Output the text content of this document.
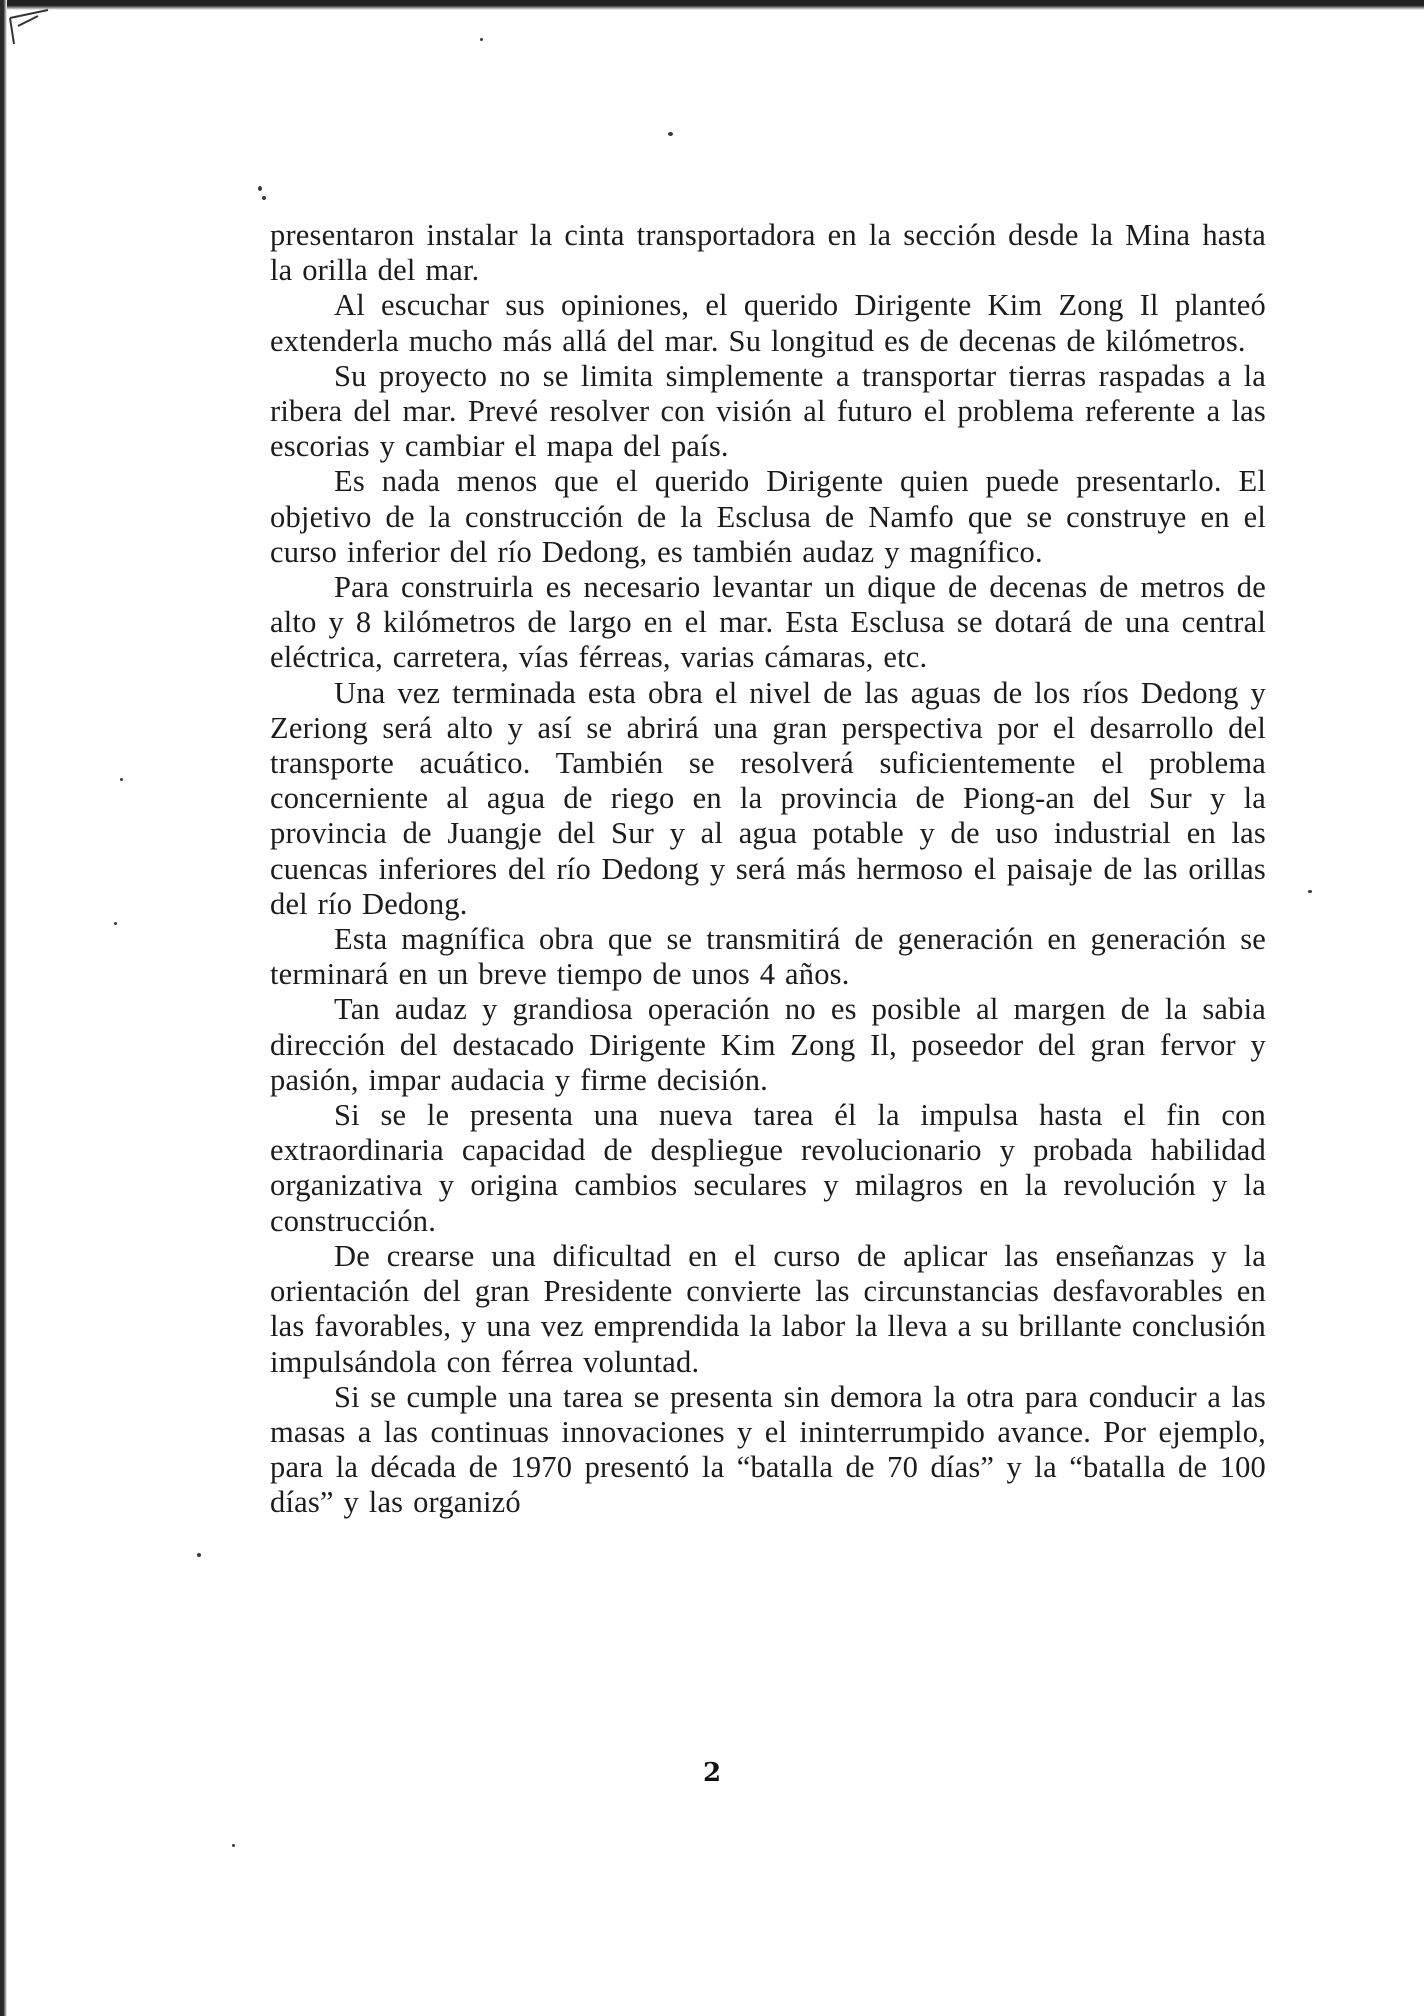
presentaron instalar la cinta transportadora en la sección desde la Mina hasta la orilla del mar.

Al escuchar sus opiniones, el querido Dirigente Kim Zong Il planteó extenderla mucho más allá del mar. Su longitud es de decenas de kilómetros.

Su proyecto no se limita simplemente a transportar tierras raspadas a la ribera del mar. Prevé resolver con visión al futuro el problema referente a las escorias y cambiar el mapa del país.

Es nada menos que el querido Dirigente quien puede presentarlo. El objetivo de la construcción de la Esclusa de Namfo que se construye en el curso inferior del río Dedong, es también audaz y magnífico.

Para construirla es necesario levantar un dique de decenas de metros de alto y 8 kilómetros de largo en el mar. Esta Esclusa se dotará de una central eléctrica, carretera, vías férreas, varias cámaras, etc.

Una vez terminada esta obra el nivel de las aguas de los ríos Dedong y Zeriong será alto y así se abrirá una gran perspectiva por el desarrollo del transporte acuático. También se resolverá suficientemente el problema concerniente al agua de riego en la provincia de Piong-an del Sur y la provincia de Juangje del Sur y al agua potable y de uso industrial en las cuencas inferiores del río Dedong y será más hermoso el paisaje de las orillas del río Dedong.

Esta magnífica obra que se transmitirá de generación en generación se terminará en un breve tiempo de unos 4 años.

Tan audaz y grandiosa operación no es posible al margen de la sabia dirección del destacado Dirigente Kim Zong Il, poseedor del gran fervor y pasión, impar audacia y firme decisión.

Si se le presenta una nueva tarea él la impulsa hasta el fin con extraordinaria capacidad de despliegue revolucionario y probada habilidad organizativa y origina cambios seculares y milagros en la revolución y la construcción.

De crearse una dificultad en el curso de aplicar las enseñanzas y la orientación del gran Presidente convierte las circunstancias desfavorables en las favorables, y una vez emprendida la labor la lleva a su brillante conclusión impulsándola con férrea voluntad.

Si se cumple una tarea se presenta sin demora la otra para conducir a las masas a las continuas innovaciones y el ininterrumpido avance. Por ejemplo, para la década de 1970 presentó la “batalla de 70 días” y la “batalla de 100 días” y las organizó

2
